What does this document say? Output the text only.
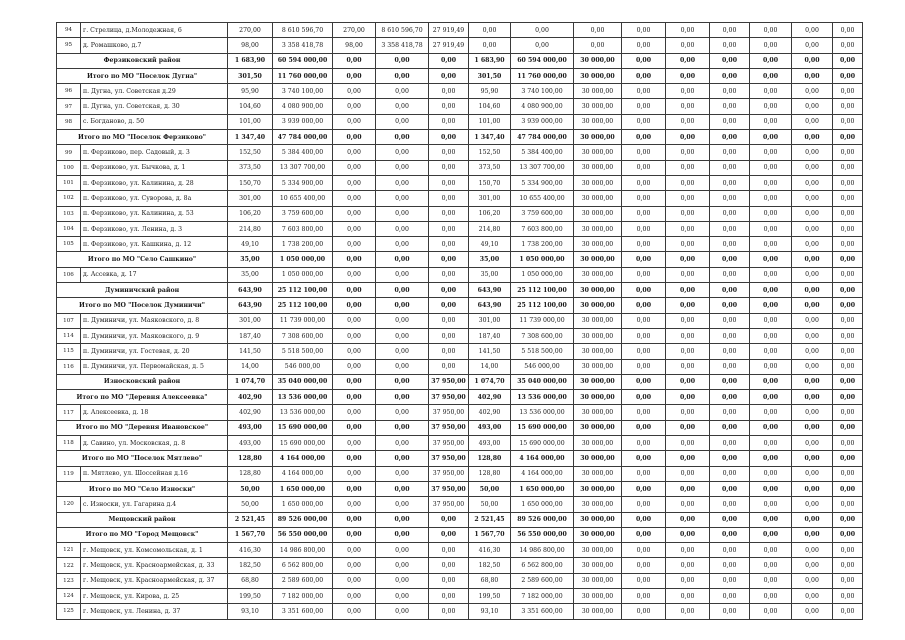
94	г. Стрелица, д.Молодежная, 6	270,00	8 610 596,70	270,00	8 610 596,70	27 919,49	0,00	0,00	0,00	0,00	0,00	0,00	0,00	0,00	0,00
95	д. Ромашково, д.7	98,00	3 358 418,78	98,00	3 358 418,78	27 919,49	0,00	0,00	0,00	0,00	0,00	0,00	0,00	0,00	0,00
Ферзиковский район		1 683,90	60 594 000,00	0,00	0,00	0,00	1 683,90	60 594 000,00	30 000,00	0,00	0,00	0,00	0,00	0,00	0,00
Итого по МО "Поселок Дугна"		301,50	11 760 000,00	0,00	0,00	0,00	301,50	11 760 000,00	30 000,00	0,00	0,00	0,00	0,00	0,00	0,00
96	п. Дугна, ул. Советская д.29	95,90	3 740 100,00	0,00	0,00	0,00	95,90	3 740 100,00	30 000,00	0,00	0,00	0,00	0,00	0,00	0,00
97	п. Дугна, ул. Советская, д. 30	104,60	4 080 900,00	0,00	0,00	0,00	104,60	4 080 900,00	30 000,00	0,00	0,00	0,00	0,00	0,00	0,00
98	с. Богданово, д. 50	101,00	3 939 000,00	0,00	0,00	0,00	101,00	3 939 000,00	30 000,00	0,00	0,00	0,00	0,00	0,00	0,00
Итого по МО "Поселок Ферзиково"		1 347,40	47 784 000,00	0,00	0,00	0,00	1 347,40	47 784 000,00	30 000,00	0,00	0,00	0,00	0,00	0,00	0,00
99	п. Ферзиково, пер. Садовый, д. 3	152,50	5 384 400,00	0,00	0,00	0,00	152,50	5 384 400,00	30 000,00	0,00	0,00	0,00	0,00	0,00	0,00
100	п. Ферзиково, ул. Бычкова, д. 1	373,50	13 307 700,00	0,00	0,00	0,00	373,50	13 307 700,00	30 000,00	0,00	0,00	0,00	0,00	0,00	0,00
101	п. Ферзиково, ул. Калинина, д. 28	150,70	5 334 900,00	0,00	0,00	0,00	150,70	5 334 900,00	30 000,00	0,00	0,00	0,00	0,00	0,00	0,00
102	п. Ферзиково, ул. Суворова, д. 8а	301,00	10 655 400,00	0,00	0,00	0,00	301,00	10 655 400,00	30 000,00	0,00	0,00	0,00	0,00	0,00	0,00
103	п. Ферзиково, ул. Калинина, д. 53	106,20	3 759 600,00	0,00	0,00	0,00	106,20	3 759 600,00	30 000,00	0,00	0,00	0,00	0,00	0,00	0,00
104	п. Ферзиково, ул. Ленина, д. 3	214,80	7 603 800,00	0,00	0,00	0,00	214,80	7 603 800,00	30 000,00	0,00	0,00	0,00	0,00	0,00	0,00
105	п. Ферзиково, ул. Кашкина, д. 12	49,10	1 738 200,00	0,00	0,00	0,00	49,10	1 738 200,00	30 000,00	0,00	0,00	0,00	0,00	0,00	0,00
Итого по МО "Село Сашкино"		35,00	1 050 000,00	0,00	0,00	0,00	35,00	1 050 000,00	30 000,00	0,00	0,00	0,00	0,00	0,00	0,00
106	д. Ассевка, д. 17	35,00	1 050 000,00	0,00	0,00	0,00	35,00	1 050 000,00	30 000,00	0,00	0,00	0,00	0,00	0,00	0,00
Думиничский район		643,90	25 112 100,00	0,00	0,00	0,00	643,90	25 112 100,00	30 000,00	0,00	0,00	0,00	0,00	0,00	0,00
Итого по МО "Поселок Думиничи"		643,90	25 112 100,00	0,00	0,00	0,00	643,90	25 112 100,00	30 000,00	0,00	0,00	0,00	0,00	0,00	0,00
107	п. Думиничи, ул. Маяковского, д. 8	301,00	11 739 000,00	0,00	0,00	0,00	301,00	11 739 000,00	30 000,00	0,00	0,00	0,00	0,00	0,00	0,00
114	п. Думиничи, ул. Маяковского, д. 9	187,40	7 308 600,00	0,00	0,00	0,00	187,40	7 308 600,00	30 000,00	0,00	0,00	0,00	0,00	0,00	0,00
115	п. Думиничи, ул. Гостевая, д. 20	141,50	5 518 500,00	0,00	0,00	0,00	141,50	5 518 500,00	30 000,00	0,00	0,00	0,00	0,00	0,00	0,00
116	п. Думиничи, ул. Первомайская, д. 5	14,00	546 000,00	0,00	0,00	0,00	14,00	546 000,00	30 000,00	0,00	0,00	0,00	0,00	0,00	0,00
Износковский район		1 074,70	35 040 000,00	0,00	0,00	37 950,00	1 074,70	35 040 000,00	30 000,00	0,00	0,00	0,00	0,00	0,00	0,00
Итого по МО "Деревня Алексеевка"		402,90	13 536 000,00	0,00	0,00	37 950,00	402,90	13 536 000,00	30 000,00	0,00	0,00	0,00	0,00	0,00	0,00
117	д. Алексеевка, д. 18	402,90	13 536 000,00	0,00	0,00	37 950,00	402,90	13 536 000,00	30 000,00	0,00	0,00	0,00	0,00	0,00	0,00
Итого по МО "Деревня Ивановское"		493,00	15 690 000,00	0,00	0,00	37 950,00	493,00	15 690 000,00	30 000,00	0,00	0,00	0,00	0,00	0,00	0,00
118	д. Савино, ул. Московская, д. 8	493,00	15 690 000,00	0,00	0,00	37 950,00	493,00	15 690 000,00	30 000,00	0,00	0,00	0,00	0,00	0,00	0,00
Итого по МО "Поселок Мятлево"		128,80	4 164 000,00	0,00	0,00	37 950,00	128,80	4 164 000,00	30 000,00	0,00	0,00	0,00	0,00	0,00	0,00
119	п. Мятлево, ул. Шоссейная д.16	128,80	4 164 000,00	0,00	0,00	37 950,00	128,80	4 164 000,00	30 000,00	0,00	0,00	0,00	0,00	0,00	0,00
Итого по МО "Село Износки"		50,00	1 650 000,00	0,00	0,00	37 950,00	50,00	1 650 000,00	30 000,00	0,00	0,00	0,00	0,00	0,00	0,00
120	с. Износки, ул. Гагарина д.4	50,00	1 650 000,00	0,00	0,00	37 950,00	50,00	1 650 000,00	30 000,00	0,00	0,00	0,00	0,00	0,00	0,00
Мещовский район		2 521,45	89 526 000,00	0,00	0,00	0,00	2 521,45	89 526 000,00	30 000,00	0,00	0,00	0,00	0,00	0,00	0,00
Итого по МО "Город Мещовск"		1 567,70	56 550 000,00	0,00	0,00	0,00	1 567,70	56 550 000,00	30 000,00	0,00	0,00	0,00	0,00	0,00	0,00
121	г. Мещовск, ул. Комсомольская, д. 1	416,30	14 986 800,00	0,00	0,00	0,00	416,30	14 986 800,00	30 000,00	0,00	0,00	0,00	0,00	0,00	0,00
122	г. Мещовск, ул. Красноармейская, д. 33	182,50	6 562 800,00	0,00	0,00	0,00	182,50	6 562 800,00	30 000,00	0,00	0,00	0,00	0,00	0,00	0,00
123	г. Мещовск, ул. Красноармейская, д. 37	68,80	2 589 600,00	0,00	0,00	0,00	68,80	2 589 600,00	30 000,00	0,00	0,00	0,00	0,00	0,00	0,00
124	г. Мещовск, ул. Кирова, д. 25	199,50	7 182 000,00	0,00	0,00	0,00	199,50	7 182 000,00	30 000,00	0,00	0,00	0,00	0,00	0,00	0,00
125	г. Мещовск, ул. Ленина, д. 37	93,10	3 351 600,00	0,00	0,00	0,00	93,10	3 351 600,00	30 000,00	0,00	0,00	0,00	0,00	0,00	0,00
